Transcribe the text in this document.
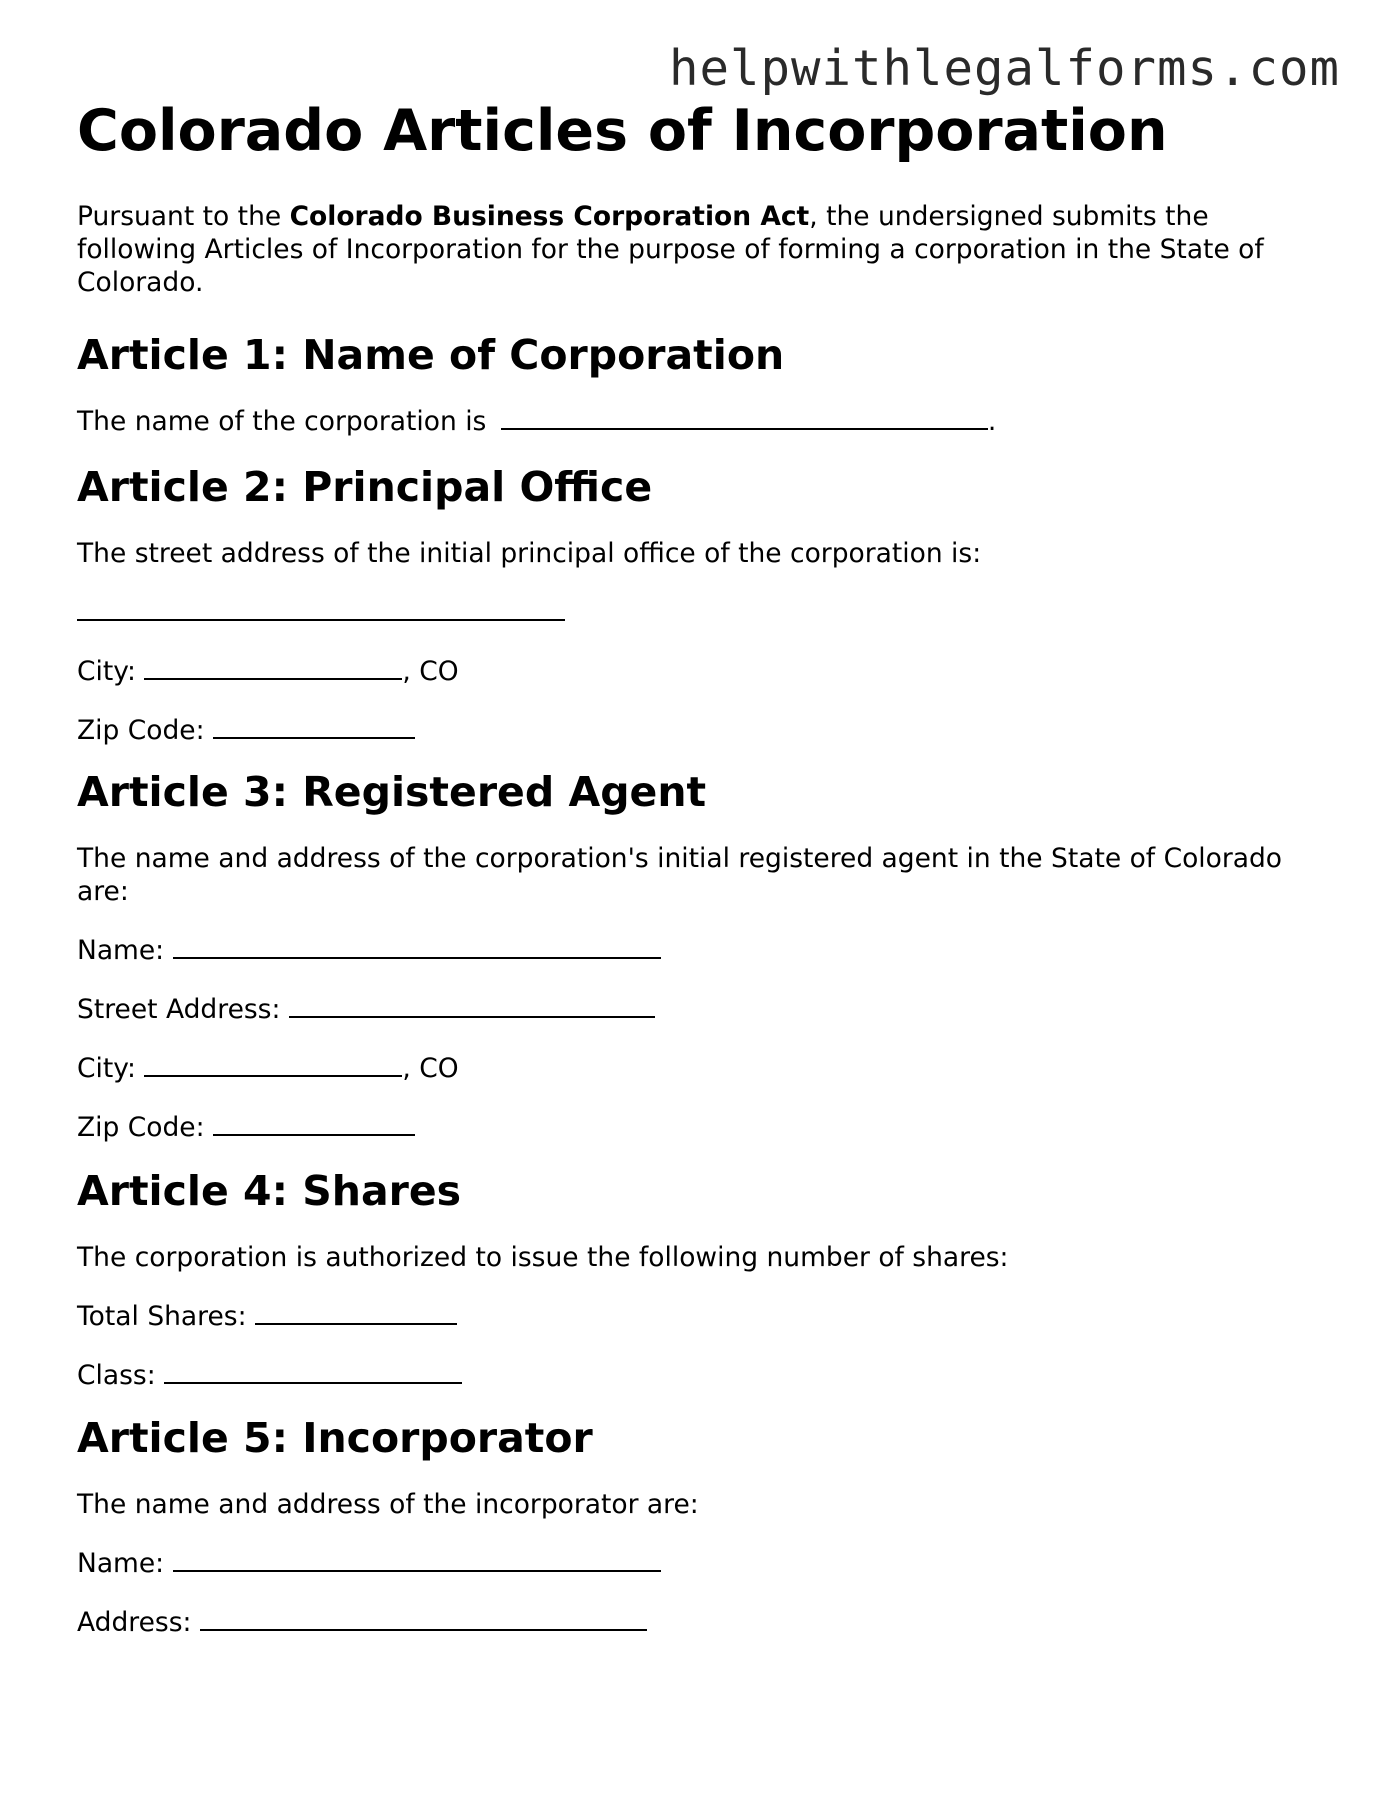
helpwithlegalforms.com
Colorado Articles of Incorporation

Pursuant to the Colorado Business Corporation Act, the undersigned submits the following Articles of Incorporation for the purpose of forming a corporation in the State of Colorado.

Article 1: Name of Corporation

The name of the corporation is	.

Article 2: Principal Office

The street address of the initial principal office of the corporation is:

City:	, CO

Zip Code:

Article 3: Registered Agent

The name and address of the corporation's initial registered agent in the State of Colorado are:

Name:

Street Address:

City:	, CO

Zip Code:

Article 4: Shares

The corporation is authorized to issue the following number of shares:

Total Shares:

Class:

Article 5: Incorporator

The name and address of the incorporator are:

Name:

Address:
